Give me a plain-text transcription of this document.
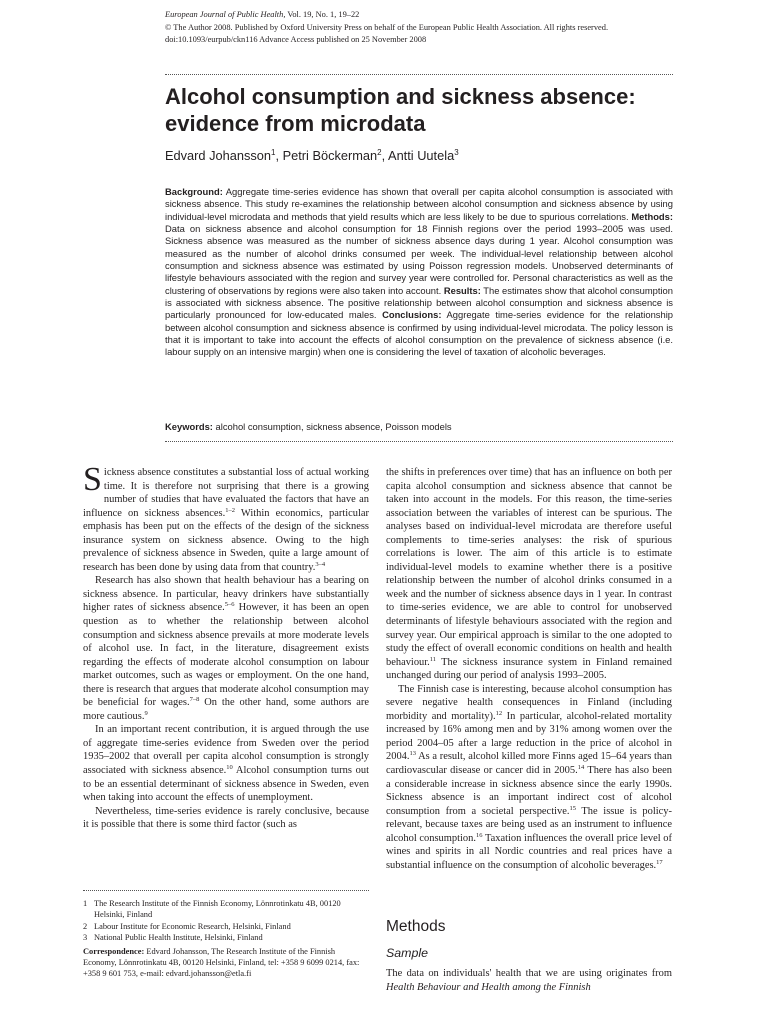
European Journal of Public Health, Vol. 19, No. 1, 19–22
© The Author 2008. Published by Oxford University Press on behalf of the European Public Health Association. All rights reserved.
doi:10.1093/eurpub/ckn116 Advance Access published on 25 November 2008
Alcohol consumption and sickness absence: evidence from microdata
Edvard Johansson$^1$, Petri Böckerman$^2$, Antti Uutela$^3$
Background: Aggregate time-series evidence has shown that overall per capita alcohol consumption is associated with sickness absence. This study re-examines the relationship between alcohol consumption and sickness absence by using individual-level microdata and methods that yield results which are less likely to be due to spurious correlations. Methods: Data on sickness absence and alcohol consumption for 18 Finnish regions over the period 1993–2005 was used. Sickness absence was measured as the number of sickness absence days during 1 year. Alcohol consumption was measured as the number of alcohol drinks consumed per week. The individual-level relationship between alcohol consumption and sickness absence was estimated by using Poisson regression models. Unobserved determinants of lifestyle behaviours associated with the region and survey year were controlled for. Personal characteristics as well as the clustering of observations by regions were also taken into account. Results: The estimates show that alcohol consumption is associated with sickness absence. The positive relationship between alcohol consumption and sickness absence is particularly pronounced for low-educated males. Conclusions: Aggregate time-series evidence for the relationship between alcohol consumption and sickness absence is confirmed by using individual-level microdata. The policy lesson is that it is important to take into account the effects of alcohol consumption on the prevalence of sickness absence (i.e. labour supply on an intensive margin) when one is considering the level of taxation of alcoholic beverages.
Keywords: alcohol consumption, sickness absence, Poisson models

Sickness absence constitutes a substantial loss of actual working time. It is therefore not surprising that there is a growing number of studies that have evaluated the factors that have an influence on sickness absences.$^{1-2}$ Within economics, particular emphasis has been put on the effects of the design of the sickness insurance system on sickness absence. Owing to the high prevalence of sickness absence in Sweden, quite a large amount of research has been done by using data from that country.$^{3-4}$

Research has also shown that health behaviour has a bearing on sickness absence. In particular, heavy drinkers have substantially higher rates of sickness absence.$^{5-6}$ However, it has been an open question as to whether the relationship between alcohol consumption and sickness absence prevails at more moderate levels of alcohol use. In fact, in the literature, disagreement exists regarding the effects of moderate alcohol consumption on labour market outcomes, such as wages or employment. On the one hand, there is research that argues that moderate alcohol consumption may be beneficial for wages.$^{7-8}$ On the other hand, some authors are more cautious.$^9$

In an important recent contribution, it is argued through the use of aggregate time-series evidence from Sweden over the period 1935–2002 that overall per capita alcohol consumption is strongly associated with sickness absence.$^{10}$ Alcohol consumption turns out to be an essential determinant of sickness absence in Sweden, even when taking into account the effects of unemployment.

Nevertheless, time-series evidence is rarely conclusive, because it is possible that there is some third factor (such as

1 The Research Institute of the Finnish Economy, Lönnrotinkatu 4B, 00120 Helsinki, Finland
2 Labour Institute for Economic Research, Helsinki, Finland
3 National Public Health Institute, Helsinki, Finland
Correspondence: Edvard Johansson, The Research Institute of the Finnish Economy, Lönnrotinkatu 4B, 00120 Helsinki, Finland, tel: +358 9 6099 0214, fax: +358 9 601 753, e-mail: edvard.johansson@etla.fi

the shifts in preferences over time) that has an influence on both per capita alcohol consumption and sickness absence that cannot be taken into account in the models. For this reason, the time-series association between the variables of interest can be spurious. The analyses based on individual-level microdata are therefore useful complements to time-series analyses: the risk of spurious correlations is lower. The aim of this article is to estimate individual-level models to examine whether there is a positive relationship between the number of alcohol drinks consumed in a week and the number of sickness absence days in 1 year. In contrast to time-series evidence, we are able to control for unobserved determinants of lifestyle behaviours associated with the region and survey year. Our empirical approach is similar to the one adopted to study the effect of overall economic conditions on health and health behaviour.$^{11}$ The sickness insurance system in Finland remained unchanged during our period of analysis 1993–2005.

The Finnish case is interesting, because alcohol consumption has severe negative health consequences in Finland (including morbidity and mortality).$^{12}$ In particular, alcohol-related mortality increased by 16% among men and by 31% among women over the period 2004–05 after a large reduction in the price of alcohol in 2004.13 As a result, alcohol killed more Finns aged 15–64 years than cardiovascular disease or cancer did in 2005.14 There has also been a considerable increase in sickness absence since the early 1990s. Sickness absence is an important indirect cost of alcohol consumption from a societal perspective.$^{15}$ The issue is policy-relevant, because taxes are being used as an instrument to influence alcohol consumption.$^{16}$ Taxation influences the overall price level of wines and spirits in all Nordic countries and real prices have a substantial influence on the consumption of alcoholic beverages.$^{17}$

Methods
Sample

The data on individuals' health that we are using originates from Health Behaviour and Health among the Finnish
